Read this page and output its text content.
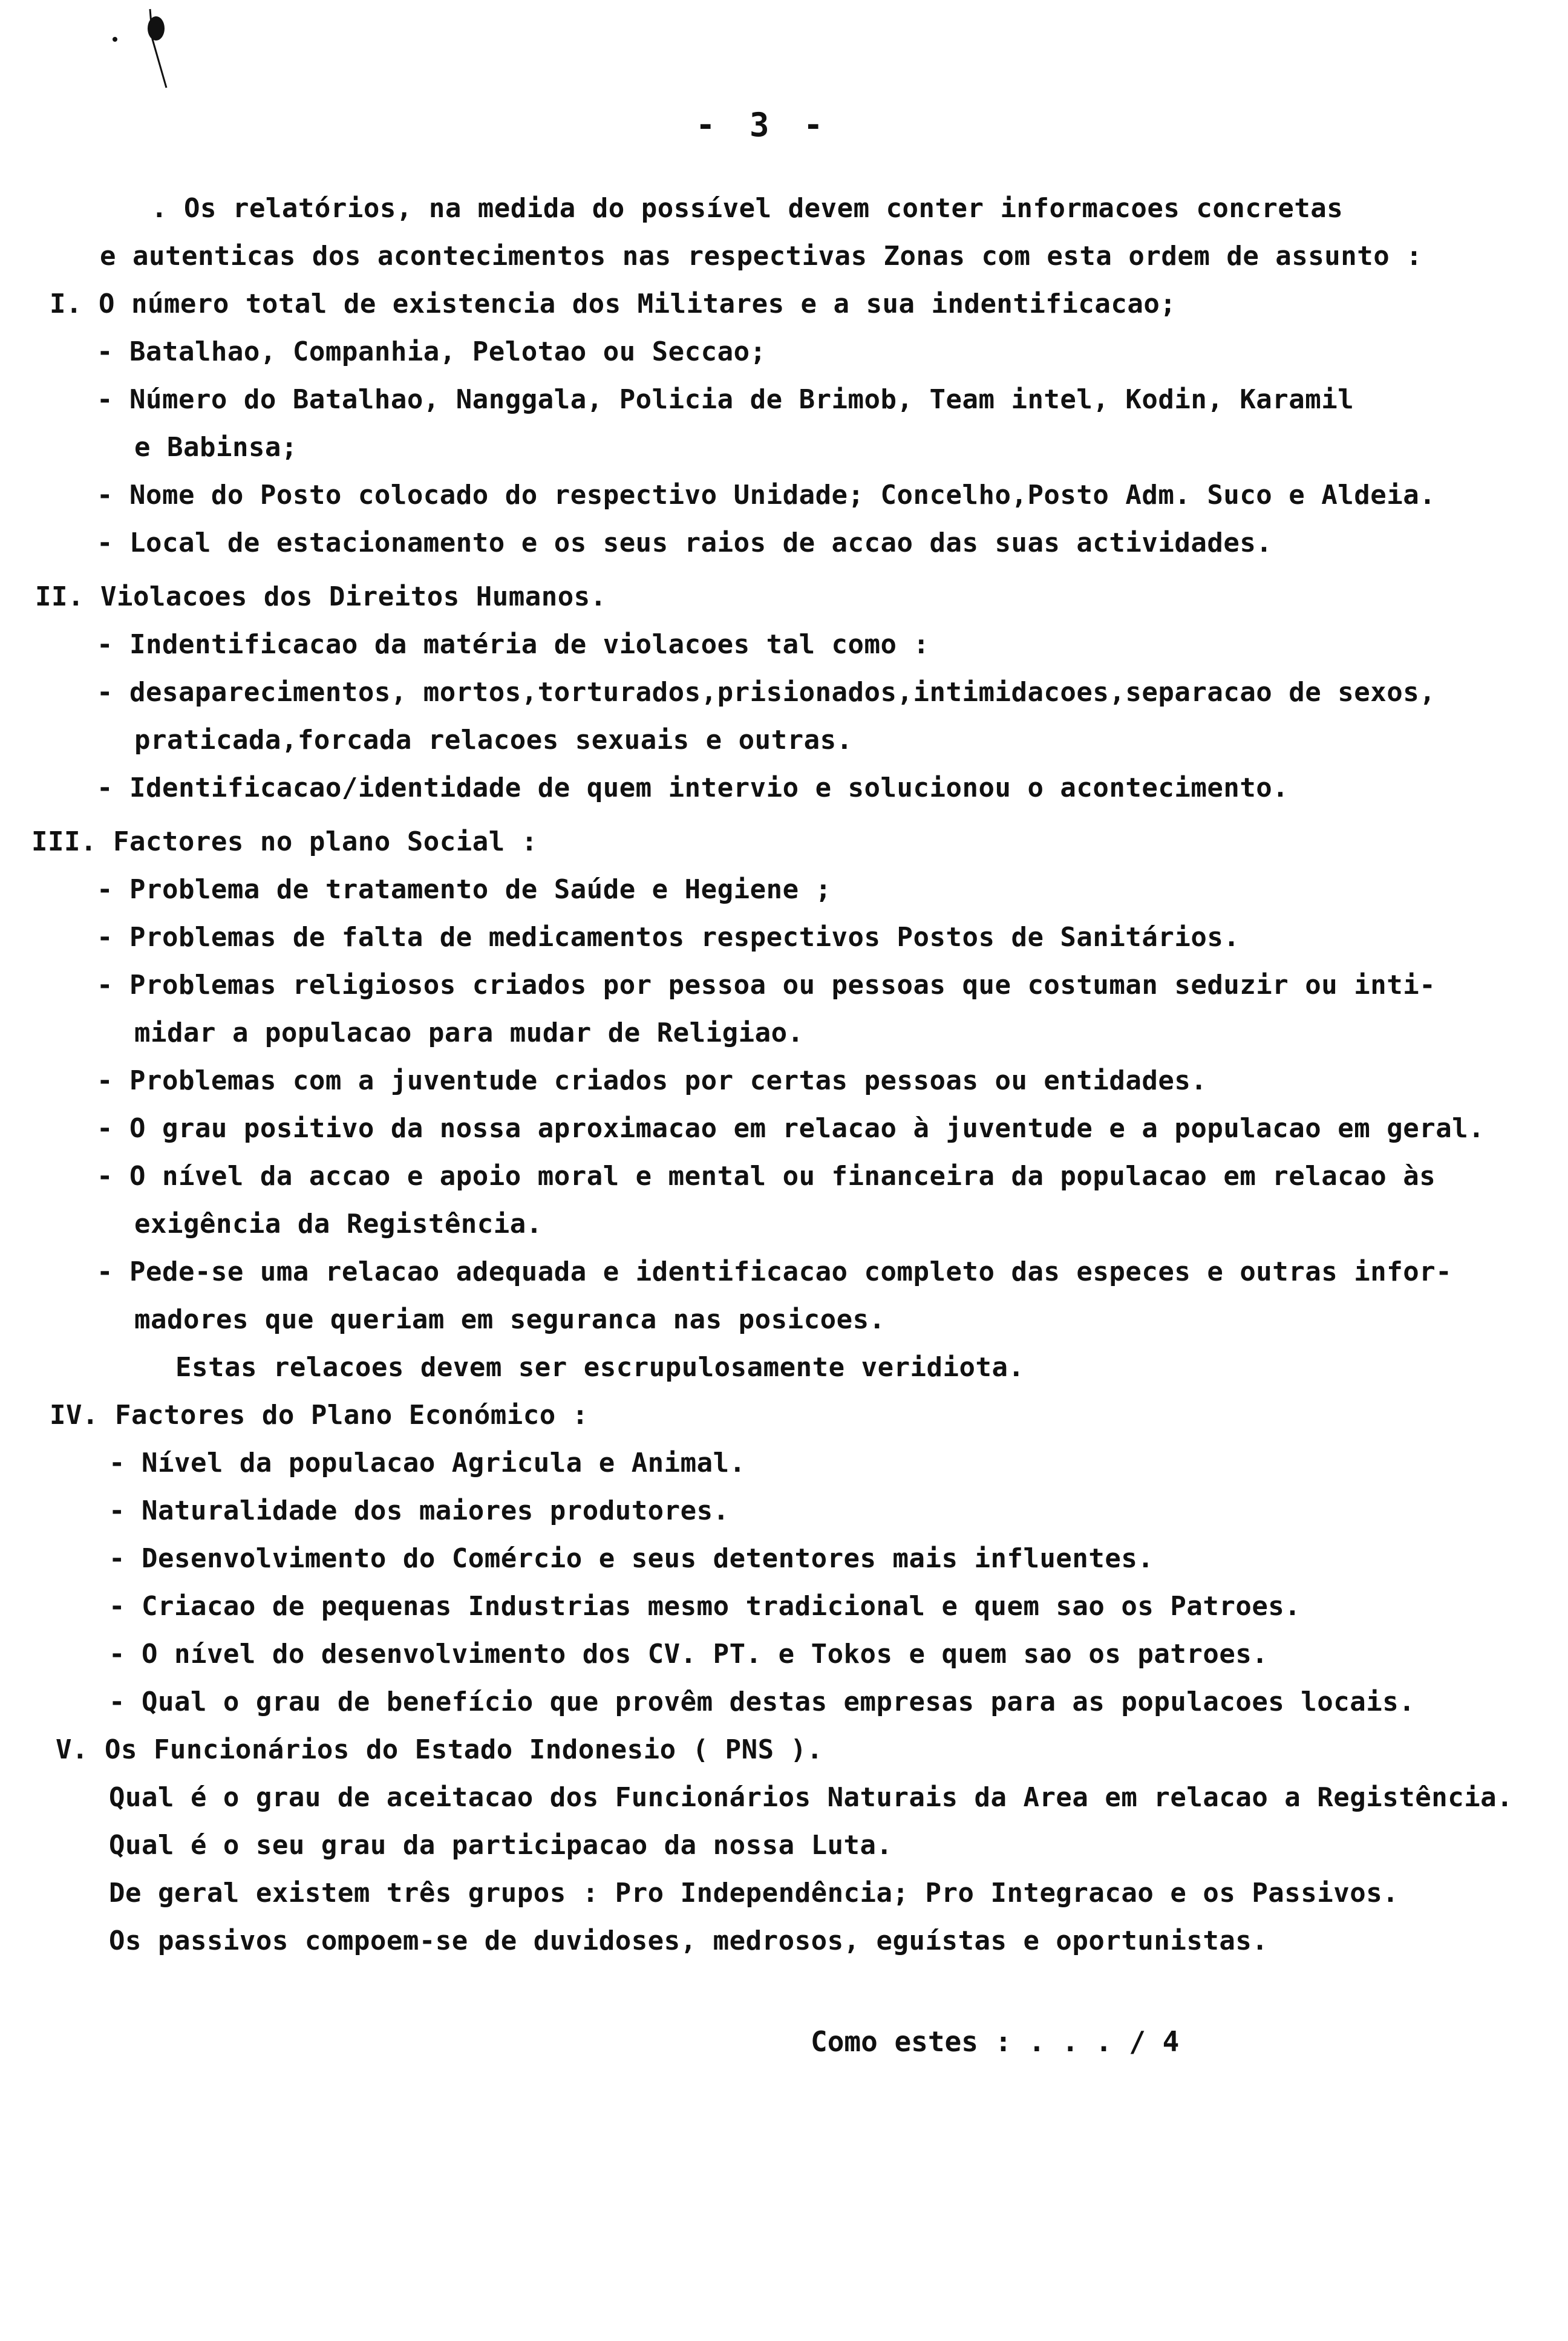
- 3 -
. Os relatórios, na medida do possível devem conter informacoes concretas
e autenticas dos acontecimentos nas respectivas Zonas com esta ordem de assunto :
I. O número total de existencia dos Militares e a sua indentificacao;
- Batalhao, Companhia, Pelotao ou Seccao;
- Número do Batalhao, Nanggala, Policia de Brimob, Team intel, Kodin, Karamil
e Babinsa;
- Nome do Posto colocado do respectivo Unidade; Concelho,Posto Adm. Suco e Aldeia.
- Local de estacionamento e os seus raios de accao das suas actividades.
II. Violacoes dos Direitos Humanos.
- Indentificacao da matéria de violacoes tal como :
- desaparecimentos, mortos,torturados,prisionados,intimidacoes,separacao de sexos,
praticada,forcada relacoes sexuais e outras.
- Identificacao/identidade de quem intervio e solucionou o acontecimento.
III. Factores no plano Social :
- Problema de tratamento de Saúde e Hegiene ;
- Problemas de falta de medicamentos respectivos Postos de Sanitários.
- Problemas religiosos criados por pessoa ou pessoas que costuman seduzir ou inti-
midar a populacao para mudar de Religiao.
- Problemas com a juventude criados por certas pessoas ou entidades.
- O grau positivo da nossa aproximacao em relacao à juventude e a populacao em geral.
- O nível da accao e apoio moral e mental ou financeira da populacao em relacao às
exigência da Registência.
- Pede-se uma relacao adequada e identificacao completo das especes e outras infor-
madores que queriam em seguranca nas posicoes.
Estas relacoes devem ser escrupulosamente veridiota.
IV. Factores do Plano Económico :
- Nível da populacao Agricula e Animal.
- Naturalidade dos maiores produtores.
- Desenvolvimento do Comércio e seus detentores mais influentes.
- Criacao de pequenas Industrias mesmo tradicional e quem sao os Patroes.
- O nível do desenvolvimento dos CV. PT. e Tokos e quem sao os patroes.
- Qual o grau de benefício que provêm destas empresas para as populacoes locais.
V. Os Funcionários do Estado Indonesio ( PNS ).
Qual é o grau de aceitacao dos Funcionários Naturais da Area em relacao a Registência.
Qual é o seu grau da participacao da nossa Luta.
De geral existem três grupos : Pro Independência; Pro Integracao e os Passivos.
Os passivos compoem-se de duvidoses, medrosos, eguístas e oportunistas.
Como estes : . . . / 4
